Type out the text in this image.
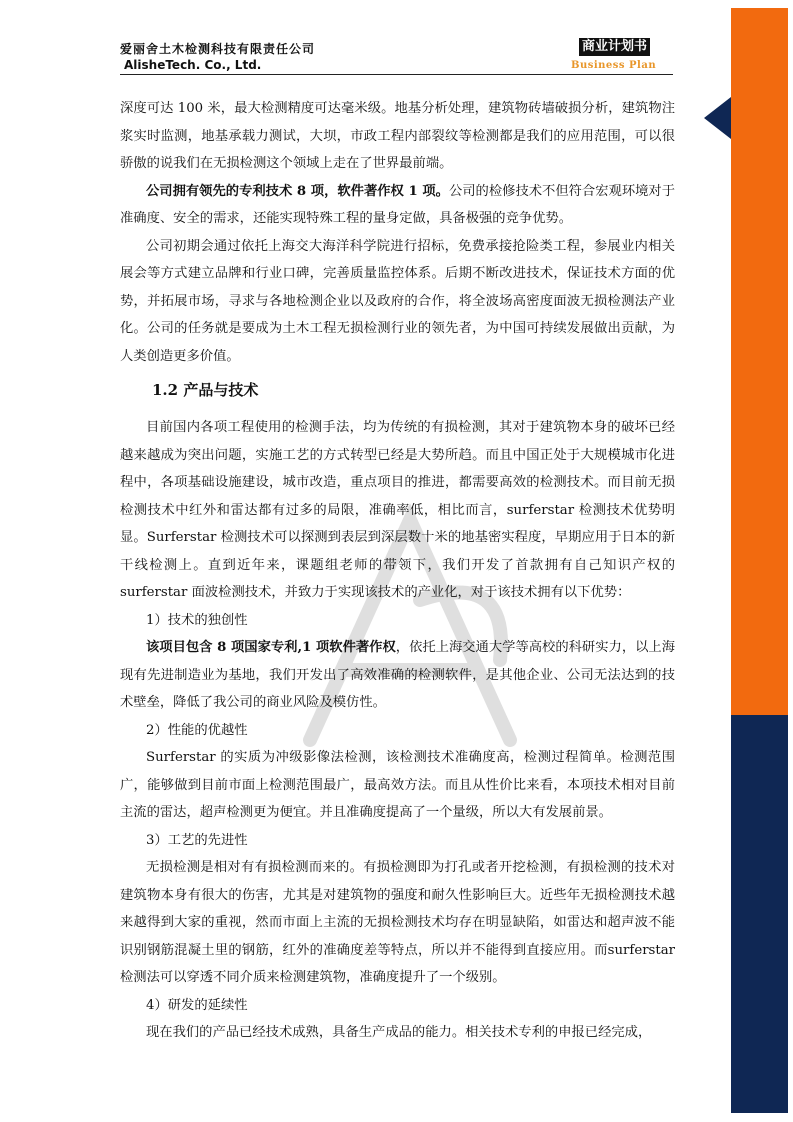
爱丽舍土木检测科技有限责任公司
AlisheTech. Co., Ltd.
商业计划书
Business Plan

深度可达 100 米，最大检测精度可达毫米级。地基分析处理，建筑物砖墙破损分析，建筑物注浆实时监测，地基承载力测试，大坝，市政工程内部裂纹等检测都是我们的应用范围，可以很骄傲的说我们在无损检测这个领域上走在了世界最前端。

公司拥有领先的专利技术 8 项，软件著作权 1 项。公司的检修技术不但符合宏观环境对于准确度、安全的需求，还能实现特殊工程的量身定做，具备极强的竞争优势。

公司初期会通过依托上海交大海洋科学院进行招标，免费承接抢险类工程，参展业内相关展会等方式建立品牌和行业口碑，完善质量监控体系。后期不断改进技术，保证技术方面的优势，并拓展市场，寻求与各地检测企业以及政府的合作，将全波场高密度面波无损检测法产业化。公司的任务就是要成为土木工程无损检测行业的领先者，为中国可持续发展做出贡献，为人类创造更多价值。

1.2 产品与技术

目前国内各项工程使用的检测手法，均为传统的有损检测，其对于建筑物本身的破坏已经越来越成为突出问题，实施工艺的方式转型已经是大势所趋。而且中国正处于大规模城市化进程中，各项基础设施建设，城市改造，重点项目的推进，都需要高效的检测技术。而目前无损检测技术中红外和雷达都有过多的局限，准确率低，相比而言，surferstar 检测技术优势明显。Surferstar 检测技术可以探测到表层到深层数十米的地基密实程度，早期应用于日本的新干线检测上。直到近年来，课题组老师的带领下，我们开发了首款拥有自己知识产权的 surferstar 面波检测技术，并致力于实现该技术的产业化，对于该技术拥有以下优势：

1）技术的独创性

该项目包含 8 项国家专利,1 项软件著作权，依托上海交通大学等高校的科研实力，以上海现有先进制造业为基地，我们开发出了高效准确的检测软件，是其他企业、公司无法达到的技术壁垒，降低了我公司的商业风险及模仿性。

2）性能的优越性

Surferstar 的实质为冲级影像法检测，该检测技术准确度高，检测过程简单。检测范围广，能够做到目前市面上检测范围最广，最高效方法。而且从性价比来看，本项技术相对目前主流的雷达，超声检测更为便宜。并且准确度提高了一个量级，所以大有发展前景。

3）工艺的先进性

无损检测是相对有有损检测而来的。有损检测即为打孔或者开挖检测，有损检测的技术对建筑物本身有很大的伤害，尤其是对建筑物的强度和耐久性影响巨大。近些年无损检测技术越来越得到大家的重视，然而市面上主流的无损检测技术均存在明显缺陷，如雷达和超声波不能识别钢筋混凝土里的钢筋，红外的准确度差等特点，所以并不能得到直接应用。而surferstar 检测法可以穿透不同介质来检测建筑物，准确度提升了一个级别。

4）研发的延续性

现在我们的产品已经技术成熟，具备生产成品的能力。相关技术专利的申报已经完成，
